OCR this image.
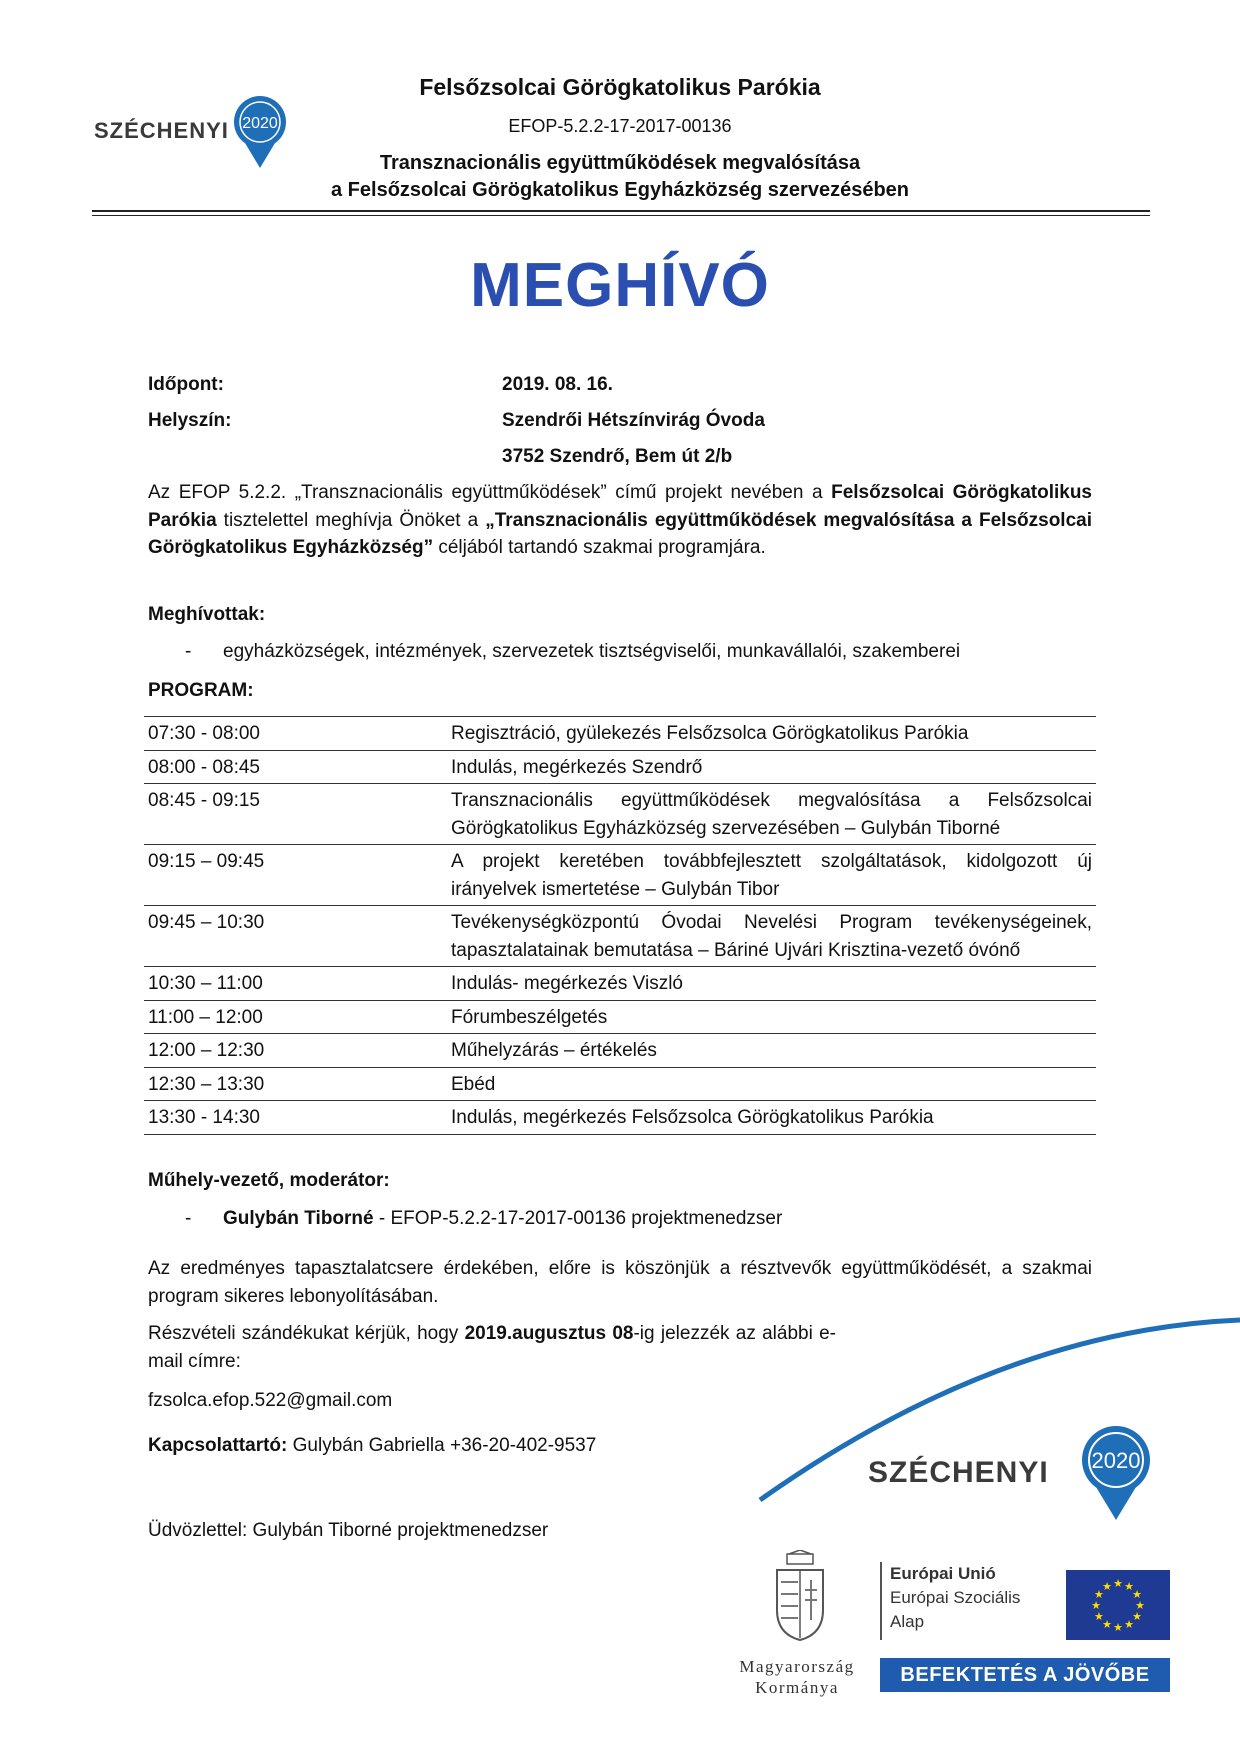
SZÉCHENYI 2020
Felsőzsolcai Görögkatolikus Parókia
EFOP-5.2.2-17-2017-00136
Transznacionális együttműködések megvalósítása
a Felsőzsolcai Görögkatolikus Egyházközség szervezésében
MEGHÍVÓ
Időpont:	2019. 08. 16.
Helyszín:	Szendrői Hétszínvirág Óvoda
3752 Szendrő, Bem út 2/b
Az EFOP 5.2.2. „Transznacionális együttműködések” című projekt nevében a Felsőzsolcai Görögkatolikus Parókia tisztelettel meghívja Önöket a „Transznacionális együttműködések megvalósítása a Felsőzsolcai Görögkatolikus Egyházközség” céljából tartandó szakmai programjára.
Meghívottak:
- egyházközségek, intézmények, szervezetek tisztségviselői, munkavállalói, szakemberei
PROGRAM:
07:30 - 08:00	Regisztráció, gyülekezés Felsőzsolca Görögkatolikus Parókia
08:00 - 08:45	Indulás, megérkezés Szendrő
08:45 - 09:15	Transznacionális együttműködések megvalósítása a Felsőzsolcai Görögkatolikus Egyházközség szervezésében – Gulybán Tiborné
09:15 – 09:45	A projekt keretében továbbfejlesztett szolgáltatások, kidolgozott új irányelvek ismertetése – Gulybán Tibor
09:45 – 10:30	Tevékenységközpontú Óvodai Nevelési Program tevékenységeinek, tapasztalatainak bemutatása – Báriné Ujvári Krisztina-vezető óvónő
10:30 – 11:00	Indulás- megérkezés Viszló
11:00 – 12:00	Fórumbeszélgetés
12:00 – 12:30	Műhelyzárás – értékelés
12:30 – 13:30	Ebéd
13:30 - 14:30	Indulás, megérkezés Felsőzsolca Görögkatolikus Parókia
Műhely-vezető, moderátor:
- Gulybán Tiborné - EFOP-5.2.2-17-2017-00136 projektmenedzser
Az eredményes tapasztalatcsere érdekében, előre is köszönjük a résztvevők együttműködését, a szakmai program sikeres lebonyolításában.
Részvételi szándékukat kérjük, hogy 2019.augusztus 08-ig jelezzék az alábbi e-mail címre:
fzsolca.efop.522@gmail.com
Kapcsolattartó: Gulybán Gabriella +36-20-402-9537
Üdvözlettel: Gulybán Tiborné projektmenedzser
SZÉCHENYI 2020
Magyarország
Kormánya
Európai Unió
Európai Szociális
Alap
★
★
★
★
★
★
★
★
★ ★ ★
★
BEFEKTETÉS A JÖVŐBE
